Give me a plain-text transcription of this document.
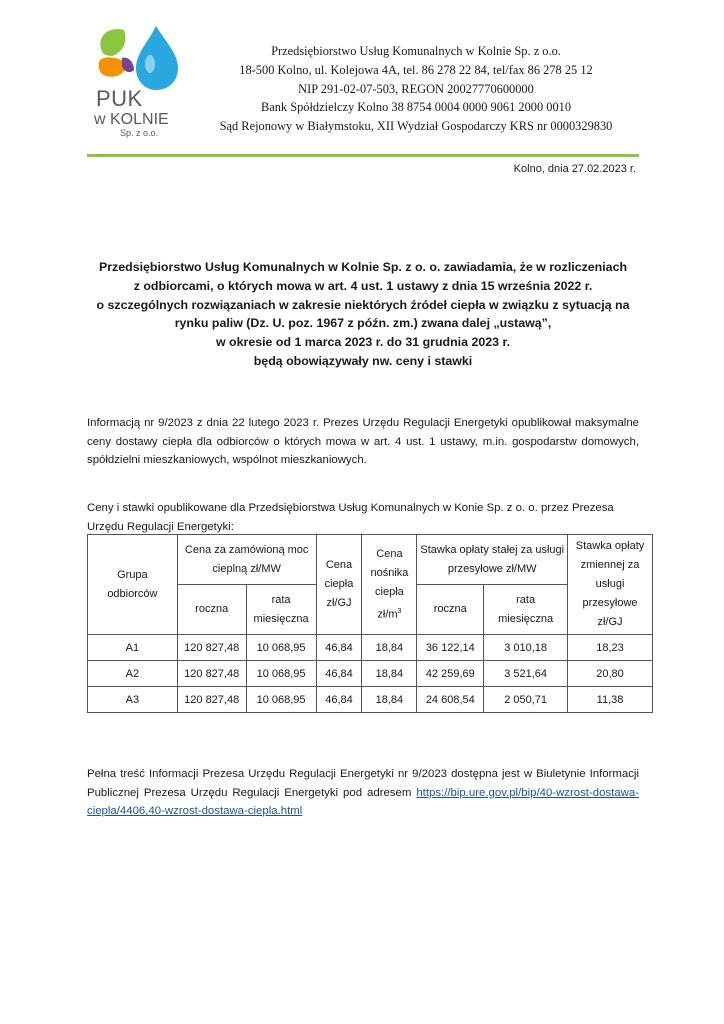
PUK
w KOLNIE
Sp. z o.o.
Przedsiębiorstwo Usług Komunalnych w Kolnie Sp. z o.o.
18-500 Kolno, ul. Kolejowa 4A, tel. 86 278 22 84, tel/fax 86 278 25 12
NIP 291-02-07-503, REGON 20027770600000
Bank Spółdzielczy Kolno 38 8754 0004 0000 9061 2000 0010
Sąd Rejonowy w Białymstoku, XII Wydział Gospodarczy KRS nr 0000329830
Kolno, dnia 27.02.2023 r.
Przedsiębiorstwo Usług Komunalnych w Kolnie Sp. z o. o. zawiadamia, że w rozliczeniach
z odbiorcami, o których mowa w art. 4 ust. 1 ustawy z dnia 15 września 2022 r.
o szczególnych rozwiązaniach w zakresie niektórych źródeł ciepła w związku z sytuacją na
rynku paliw (Dz. U. poz. 1967 z późn. zm.) zwana dalej „ustawą”,
w okresie od 1 marca 2023 r. do 31 grudnia 2023 r.
będą obowiązywały nw. ceny i stawki
Informacją nr 9/2023 z dnia 22 lutego 2023 r. Prezes Urzędu Regulacji Energetyki opublikował maksymalne ceny dostawy ciepła dla odbiorców o których mowa w art. 4 ust. 1 ustawy, m.in. gospodarstw domowych, spółdzielni mieszkaniowych, wspólnot mieszkaniowych.
Ceny i stawki opublikowane dla Przedsiębiorstwa Usług Komunalnych w Konie Sp. z o. o. przez Prezesa Urzędu Regulacji Energetyki:
Grupa odbiorców	Cena za zamówioną moc cieplną zł/MW		Cena ciepła zł/GJ	Cena nośnika ciepła $zł/m^3$	Stawka opłaty stałej za usługi przesyłowe zł/MW		Stawka opłaty zmiennej za usługi przesyłowe zł/GJ
	roczna	rata miesięczna			roczna	rata miesięczna	
A1	120 827,48	10 068,95	46,84	18,84	36 122,14	3 010,18	18,23
A2	120 827,48	10 068,95	46,84	18,84	42 259,69	3 521,64	20,80
A3	120 827,48	10 068,95	46,84	18,84	24 608,54	2 050,71	11,38
Pełna treść Informacji Prezesa Urzędu Regulacji Energetyki nr 9/2023 dostępna jest w Biuletynie Informacji Publicznej Prezesa Urzędu Regulacji Energetyki pod adresem https://bip.ure.gov.pl/bip/40-wzrost-dostawa-ciepla/4406,40-wzrost-dostawa-ciepla.html
